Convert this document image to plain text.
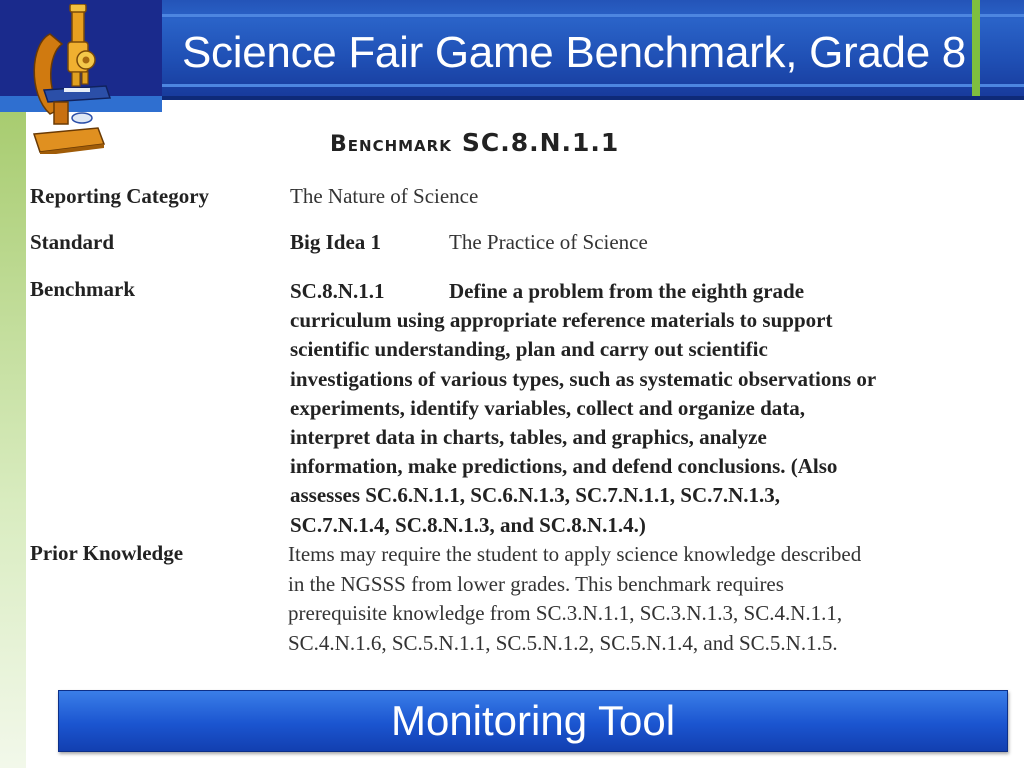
Science Fair Game Benchmark, Grade 8
Benchmark SC.8.N.1.1
Reporting Category	The Nature of Science
Standard	Big Idea 1	The Practice of Science
Benchmark	SC.8.N.1.1	Define a problem from the eighth grade
curriculum using appropriate reference materials to support
scientific understanding, plan and carry out scientific
investigations of various types, such as systematic observations or
experiments, identify variables, collect and organize data,
interpret data in charts, tables, and graphics, analyze
information, make predictions, and defend conclusions. (Also
assesses SC.6.N.1.1, SC.6.N.1.3, SC.7.N.1.1, SC.7.N.1.3,
SC.7.N.1.4, SC.8.N.1.3, and SC.8.N.1.4.)
Prior Knowledge	Items may require the student to apply science knowledge described
in the NGSSS from lower grades. This benchmark requires
prerequisite knowledge from SC.3.N.1.1, SC.3.N.1.3, SC.4.N.1.1,
SC.4.N.1.6, SC.5.N.1.1, SC.5.N.1.2, SC.5.N.1.4, and SC.5.N.1.5.
Monitoring Tool
